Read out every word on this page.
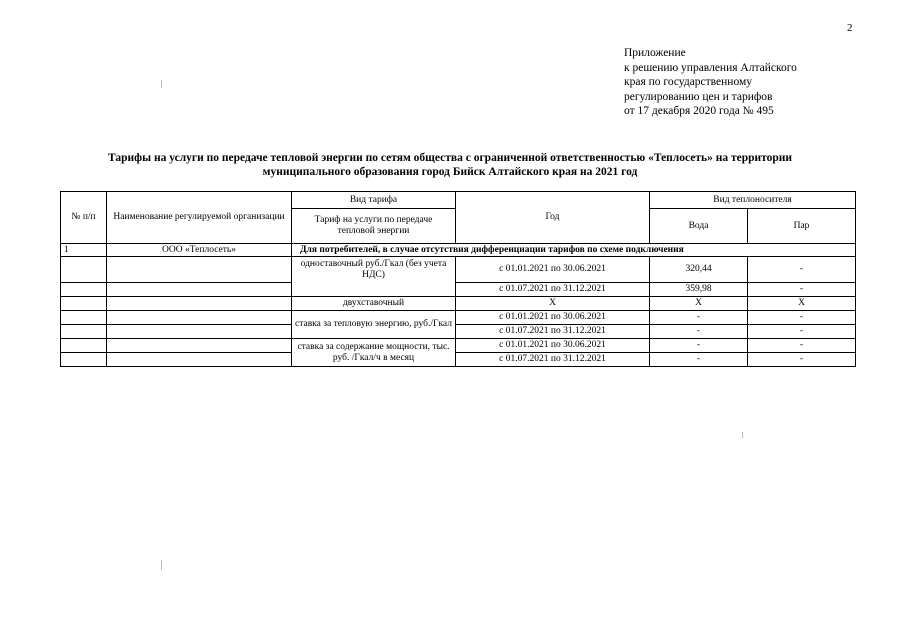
2
Приложение
к решению управления Алтайского
края по государственному
регулированию цен и тарифов
от 17 декабря 2020 года № 495
Тарифы на услуги по передаче тепловой энергии по сетям общества с ограниченной ответственностью «Теплосеть» на территории
муниципального образования город Бийск Алтайского края на 2021 год
№ п/п	Наименование регулируемой организации	Вид тарифа	Год	Вид теплоносителя	
		Тариф на услуги по передаче тепловой энергии		Вода	Пар
1	ООО «Теплосеть»	Для потребителей, в случае отсутствия дифференциации тарифов по схеме подключения			
		одноставочный руб./Гкал (без учета НДС)	с 01.01.2021 по 30.06.2021	320,44	-
			с 01.07.2021 по 31.12.2021	359,98	-
		двухставочный	X	X	X
		ставка за тепловую энергию, руб./Гкал	с 01.01.2021 по 30.06.2021	-	-
			с 01.07.2021 по 31.12.2021	-	-
		ставка за содержание мощности, тыс. руб. /Гкал/ч в месяц	с 01.01.2021 по 30.06.2021	-	-
			с 01.07.2021 по 31.12.2021	-	-
